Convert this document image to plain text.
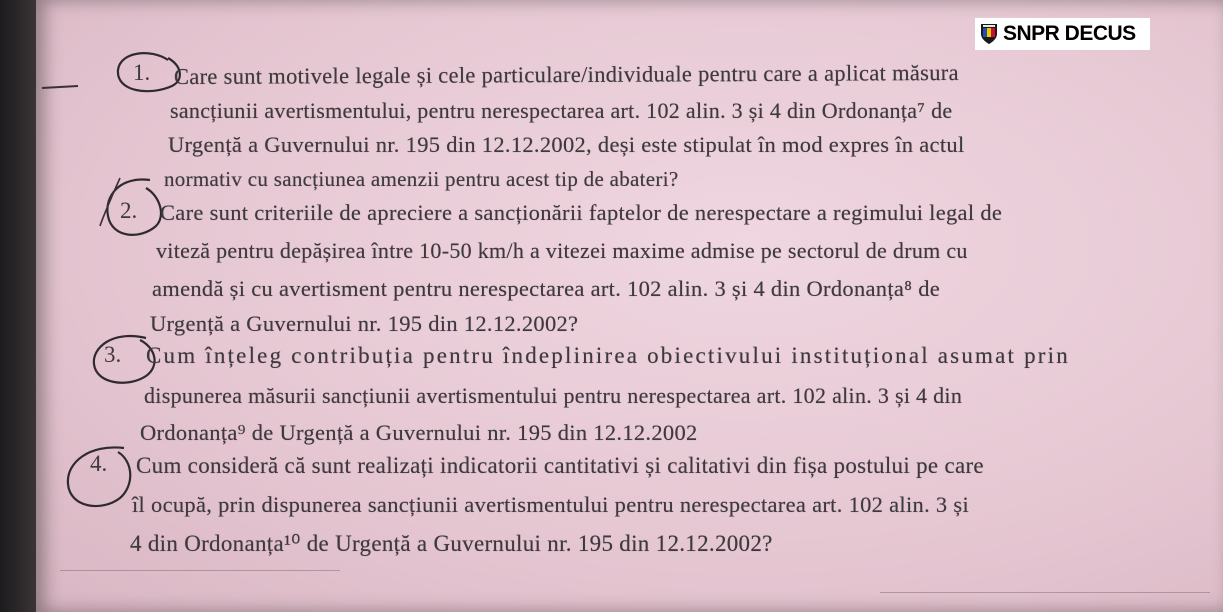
SNPR DECUS
1. Care sunt motivele legale și cele particulare/individuale pentru care a aplicat măsura
sancțiunii avertismentului, pentru nerespectarea art. 102 alin. 3 și 4 din Ordonanța⁷ de
Urgență a Guvernului nr. 195 din 12.12.2002, deși este stipulat în mod expres în actul
normativ cu sancțiunea amenzii pentru acest tip de abateri?
2. Care sunt criteriile de apreciere a sancționării faptelor de nerespectare a regimului legal de
viteză pentru depășirea între 10-50 km/h a vitezei maxime admise pe sectorul de drum cu
amendă și cu avertisment pentru nerespectarea art. 102 alin. 3 și 4 din Ordonanța⁸ de
Urgență a Guvernului nr. 195 din 12.12.2002?
3. Cum înțeleg contribuția pentru îndeplinirea obiectivului instituțional asumat prin
dispunerea măsurii sancțiunii avertismentului pentru nerespectarea art. 102 alin. 3 și 4 din
Ordonanța⁹ de Urgență a Guvernului nr. 195 din 12.12.2002
4. Cum consideră că sunt realizați indicatorii cantitativi și calitativi din fișa postului pe care
îl ocupă, prin dispunerea sancțiunii avertismentului pentru nerespectarea art. 102 alin. 3 și
4 din Ordonanța¹⁰ de Urgență a Guvernului nr. 195 din 12.12.2002?
